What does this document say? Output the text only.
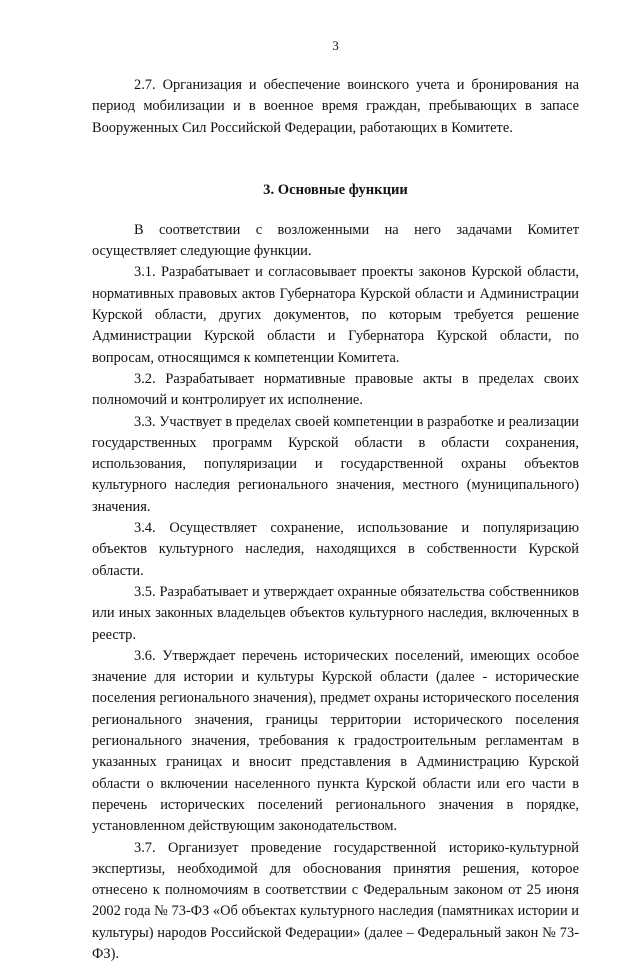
3

2.7. Организация и обеспечение воинского учета и бронирования на период мобилизации и в военное время граждан, пребывающих в запасе Вооруженных Сил Российской Федерации, работающих в Комитете.

3. Основные функции

В соответствии с возложенными на него задачами Комитет осуществляет следующие функции.

3.1. Разрабатывает и согласовывает проекты законов Курской области, нормативных правовых актов Губернатора Курской области и Администрации Курской области, других документов, по которым требуется решение Администрации Курской области и Губернатора Курской области, по вопросам, относящимся к компетенции Комитета.

3.2. Разрабатывает нормативные правовые акты в пределах своих полномочий и контролирует их исполнение.

3.3. Участвует в пределах своей компетенции в разработке и реализации государственных программ Курской области в области сохранения, использования, популяризации и государственной охраны объектов культурного наследия регионального значения, местного (муниципального) значения.

3.4. Осуществляет сохранение, использование и популяризацию объектов культурного наследия, находящихся в собственности Курской области.

3.5. Разрабатывает и утверждает охранные обязательства собственников или иных законных владельцев объектов культурного наследия, включенных в реестр.

3.6. Утверждает перечень исторических поселений, имеющих особое значение для истории и культуры Курской области (далее - исторические поселения регионального значения), предмет охраны исторического поселения регионального значения, границы территории исторического поселения регионального значения, требования к градостроительным регламентам в указанных границах и вносит представления в Администрацию Курской области о включении населенного пункта Курской области или его части в перечень исторических поселений регионального значения в порядке, установленном действующим законодательством.

3.7. Организует проведение государственной историко-культурной экспертизы, необходимой для обоснования принятия решения, которое отнесено к полномочиям в соответствии с Федеральным законом от 25 июня 2002 года № 73-ФЗ «Об объектах культурного наследия (памятниках истории и культуры) народов Российской Федерации» (далее – Федеральный закон № 73-ФЗ).
